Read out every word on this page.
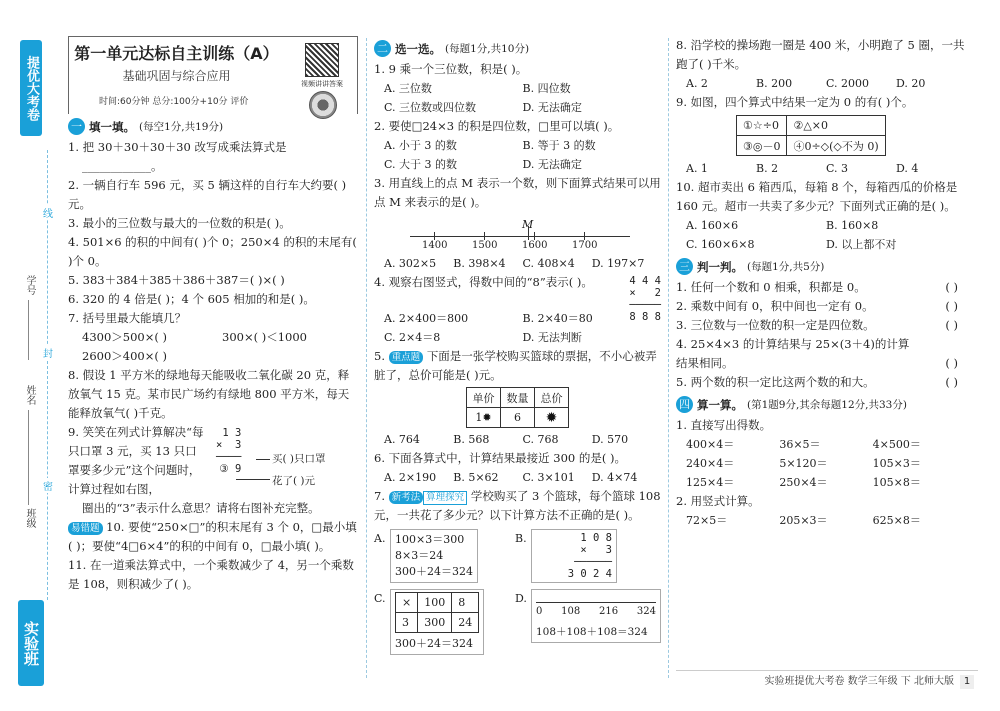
提优大考卷
线
封
密
学号
姓名
班级
实验班
第一单元达标自主训练（A）
基础巩固与综合应用
时间:60分钟 总分:100分+10分 评价
视频讲讲答案
一 填一填。 (每空1分,共19分)
1. 把 30＋30＋30＋30 改写成乘法算式是
____________。
2. 一辆自行车 596 元，买 5 辆这样的自行车大约要( )元。
3. 最小的三位数与最大的一位数的积是( )。
4. 501×6 的积的中间有( )个 0；250×4 的积的末尾有( )个 0。
5. 383＋384＋385＋386＋387＝( )×( )
6. 320 的 4 倍是( )；4 个 605 相加的和是( )。
7. 括号里最大能填几？
4300＞500×( )	300×( )＜1000
2600＞400×( )
8. 假设 1 平方米的绿地每天能吸收二氧化碳 20 克，释放氧气 15 克。某市民广场约有绿地 800 平方米，每天能释放氧气( )千克。
9. 笑笑在列式计算解决“每只口罩 3 元，买 13 只口罩要多少元”这个问题时，计算过程如右图，
1 3
×  3
────
③ 9
买( )只口罩
花了( )元
圈出的“3”表示什么意思？请将右图补充完整。
易错题 10. 要使“250×□”的积末尾有 3 个 0，□最小填( )；要使“4□6×4”的积的中间有 0，□最小填( )。
11. 在一道乘法算式中，一个乘数减少了 4，另一个乘数是 108，则积减少了( )。
二 选一选。 (每题1分,共10分)
1. 9 乘一个三位数，积是( )。
A. 三位数	B. 四位数
C. 三位数或四位数	D. 无法确定
2. 要使□24×3 的积是四位数，□里可以填( )。
A. 小于 3 的数	B. 等于 3 的数
C. 大于 3 的数	D. 无法确定
3. 用直线上的点 M 表示一个数，则下面算式结果可以用点 M 来表示的是( )。
M
1400 1500 1600 1700
A. 302×5	B. 398×4	C. 408×4	D. 197×7
4. 观察右图竖式，得数中间的“8”表示( )。	4 4 4
×   2
─────
8 8 8
A. 2×400＝800	B. 2×40＝80
C. 2×4＝8	D. 无法判断
5. 重点题 下面是一张学校购买篮球的票据，不小心被弄脏了，总价可能是( )元。
单价	数量	总价
1✹	6	✹
A. 764	B. 568	C. 768	D. 570
6. 下面各算式中，计算结果最接近 300 的是( )。
A. 2×190	B. 5×62	C. 3×101	D. 4×74
7. 新考法 算理探究 学校购买了 3 个篮球，每个篮球 108 元，一共花了多少元？以下计算方法不正确的是( )。
A. 100×3＝300
8×3＝24
300＋24＝324
B.	1 0 8
×   3
──────
3 0 2 4
C.	×	100	8
3	300	24
300＋24＝324
D.
0 108 216 324
108＋108＋108＝324
8. 沿学校的操场跑一圈是 400 米，小明跑了 5 圈，一共跑了( )千米。
A. 2	B. 200	C. 2000	D. 20
9. 如图，四个算式中结果一定为 0 的有( )个。
①☆÷0	②△×0
③◎－0	④0÷◇(◇不为 0)
A. 1	B. 2	C. 3	D. 4
10. 超市卖出 6 箱西瓜，每箱 8 个，每箱西瓜的价格是 160 元。超市一共卖了多少元？下面列式正确的是( )。
A. 160×6	B. 160×8
C. 160×6×8	D. 以上都不对
三 判一判。 (每题1分,共5分)
1. 任何一个数和 0 相乘，积都是 0。	( )
2. 乘数中间有 0，积中间也一定有 0。	( )
3. 三位数与一位数的积一定是四位数。	( )
4. 25×4×3 的计算结果与 25×(3＋4)的计算结果相同。	( )
5. 两个数的积一定比这两个数的和大。	( )
四 算一算。 (第1题9分,其余每题12分,共33分)
1. 直接写出得数。
400×4＝	36×5＝	4×500＝
240×4＝	5×120＝	105×3＝
125×4＝	250×4＝	105×8＝
2. 用竖式计算。
72×5＝	205×3＝	625×8＝
实验班提优大考卷 数学三年级 下 北师大版 1
